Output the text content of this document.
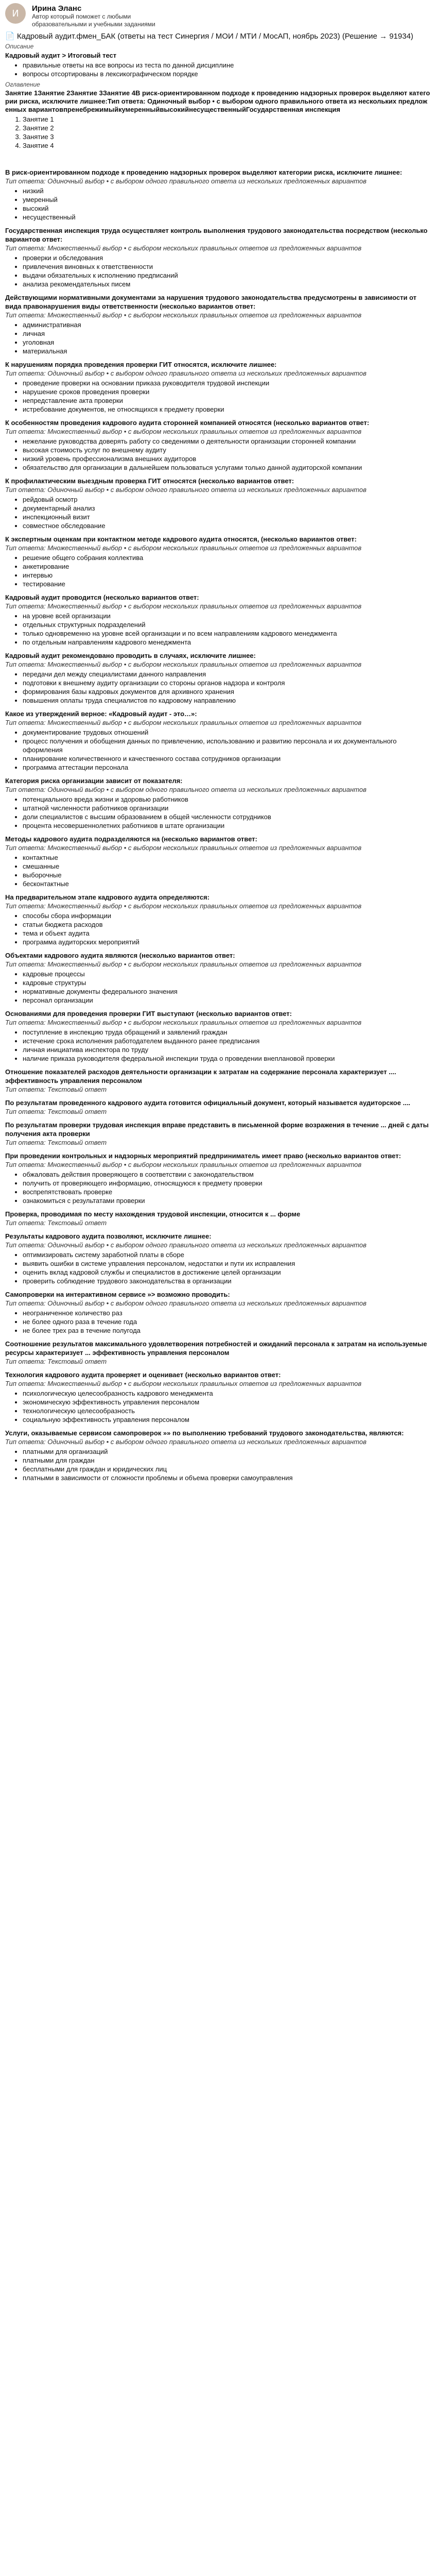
И	Ирина Эланс
Автор который поможет с любыми образовательными и учебными заданиями
📄 Кадровый аудит.фмен_БАК (ответы на тест Синергия / МОИ / МТИ / МосАП, ноябрь 2023) (Решение → 91934)
Описание
Кадровый аудит > Итоговый тест
• правильные ответы на все вопросы из теста по данной дисциплине
• вопросы отсортированы в лексикографическом порядке
Оглавление
Занятие 1Занятие 2Занятие 3Занятие 4В риск-ориентированном подходе к проведению надзорных проверок выделяют категории риска, исключите лишнее:Тип ответа: Одиночный выбор • с выбором одного правильного ответа из нескольких предложенных вариантовпренебрежимыйкумеренныйвысокийнесущественныйГосударственная инспекция
1. Занятие 1
2. Занятие 2
3. Занятие 3
4. Занятие 4
В риск-ориентированном подходе к проведению надзорных проверок выделяют категории риска, исключите лишнее:
Тип ответа: Одиночный выбор • с выбором одного правильного ответа из нескольких предложенных вариантов
• низкий
• умеренный
• высокий
• несущественный
Государственная инспекция труда осуществляет контроль выполнения трудового законодательства посредством (несколько вариантов ответ:
Тип ответа: Множественный выбор • с выбором нескольких правильных ответов из предложенных вариантов
• проверки и обследования
• привлечения виновных к ответственности
• выдачи обязательных к исполнению предписаний
• анализа рекомендательных писем
Действующими нормативными документами за нарушения трудового законодательства предусмотрены в зависимости от вида правонарушения виды ответственности (несколько вариантов ответ:
Тип ответа: Множественный выбор • с выбором нескольких правильных ответов из предложенных вариантов
• административная
• личная
• уголовная
• материальная
К нарушениям порядка проведения проверки ГИТ относятся, исключите лишнее:
Тип ответа: Одиночный выбор • с выбором одного правильного ответа из нескольких предложенных вариантов
• проведение проверки на основании приказа руководителя трудовой инспекции
• нарушение сроков проведения проверки
• непредставление акта проверки
• истребование документов, не относящихся к предмету проверки
К особенностям проведения кадрового аудита сторонней компанией относятся (несколько вариантов ответ:
Тип ответа: Множественный выбор • с выбором нескольких правильных ответов из предложенных вариантов
• нежелание руководства доверять работу со сведениями о деятельности организации сторонней компании
• высокая стоимость услуг по внешнему аудиту
• низкий уровень профессионализма внешних аудиторов
• обязательство для организации в дальнейшем пользоваться услугами только данной аудиторской компании
К профилактическим выездным проверка ГИТ относятся (несколько вариантов ответ:
Тип ответа: Одиночный выбор • с выбором одного правильного ответа из нескольких предложенных вариантов
• рейдовый осмотр
• документарный анализ
• инспекционный визит
• совместное обследование
К экспертным оценкам при контактном методе кадрового аудита относятся, (несколько вариантов ответ:
Тип ответа: Множественный выбор • с выбором нескольких правильных ответов из предложенных вариантов
• решение общего собрания коллектива
• анкетирование
• интервью
• тестирование
Кадровый аудит проводится (несколько вариантов ответ:
Тип ответа: Множественный выбор • с выбором нескольких правильных ответов из предложенных вариантов
• на уровне всей организации
• отдельных структурных подразделений
• только одновременно на уровне всей организации и по всем направлениям кадрового менеджмента
• по отдельным направлениям кадрового менеджмента
Кадровый аудит рекомендовано проводить в случаях, исключите лишнее:
Тип ответа: Множественный выбор • с выбором нескольких правильных ответов из предложенных вариантов
• передачи дел между специалистами данного направления
• подготовки к внешнему аудиту организации со стороны органов надзора и контроля
• формирования базы кадровых документов для архивного хранения
• повышения оплаты труда специалистов по кадровому направлению
Какое из утверждений верное: «Кадровый аудит - это…»:
Тип ответа: Множественный выбор • с выбором нескольких правильных ответов из предложенных вариантов
• документирование трудовых отношений
• процесс получения и обобщения данных по привлечению, использованию и развитию персонала и их документального оформления
• планирование количественного и качественного состава сотрудников организации
• программа аттестации персонала
Категория риска организации зависит от показателя:
Тип ответа: Одиночный выбор • с выбором одного правильного ответа из нескольких предложенных вариантов
• потенциального вреда жизни и здоровью работников
• штатной численности работников организации
• доли специалистов с высшим образованием в общей численности сотрудников
• процента несовершеннолетних работников в штате организации
Методы кадрового аудита подразделяются на (несколько вариантов ответ:
Тип ответа: Множественный выбор • с выбором нескольких правильных ответов из предложенных вариантов
• контактные
• смешанные
• выборочные
• бесконтактные
На предварительном этапе кадрового аудита определяются:
Тип ответа: Множественный выбор • с выбором нескольких правильных ответов из предложенных вариантов
• способы сбора информации
• статьи бюджета расходов
• тема и объект аудита
• программа аудиторских мероприятий
Объектами кадрового аудита являются (несколько вариантов ответ:
Тип ответа: Множественный выбор • с выбором нескольких правильных ответов из предложенных вариантов
• кадровые процессы
• кадровые структуры
• нормативные документы федерального значения
• персонал организации
Основаниями для проведения проверки ГИТ выступают (несколько вариантов ответ:
Тип ответа: Множественный выбор • с выбором нескольких правильных ответов из предложенных вариантов
• поступление в инспекцию труда обращений и заявлений граждан
• истечение срока исполнения работодателем выданного ранее предписания
• личная инициатива инспектора по труду
• наличие приказа руководителя федеральной инспекции труда о проведении внеплановой проверки
Отношение показателей расходов деятельности организации к затратам на содержание персонала характеризует .... эффективность управления персоналом
Тип ответа: Текстовый ответ
По результатам проведенного кадрового аудита готовится официальный документ, который называется аудиторское ....
Тип ответа: Текстовый ответ
По результатам проверки трудовая инспекция вправе представить в письменной форме возражения в течение ... дней с даты получения акта проверки
Тип ответа: Текстовый ответ
При проведении контрольных и надзорных мероприятий предприниматель имеет право (несколько вариантов ответ:
Тип ответа: Множественный выбор • с выбором нескольких правильных ответов из предложенных вариантов
• обжаловать действия проверяющего в соответствии с законодательством
• получить от проверяющего информацию, относящуюся к предмету проверки
• воспрепятствовать проверке
• ознакомиться с результатами проверки
Проверка, проводимая по месту нахождения трудовой инспекции, относится к ... форме
Тип ответа: Текстовый ответ
Результаты кадрового аудита позволяют, исключите лишнее:
Тип ответа: Одиночный выбор • с выбором одного правильного ответа из нескольких предложенных вариантов
• оптимизировать систему заработной платы в сборе
• выявить ошибки в системе управления персоналом, недостатки и пути их исправления
• оценить вклад кадровой службы и специалистов в достижение целей организации
• проверить соблюдение трудового законодательства в организации
Самопроверки на интерактивном сервисе »> возможно проводить:
Тип ответа: Одиночный выбор • с выбором одного правильного ответа из нескольких предложенных вариантов
• неограниченное количество раз
• не более одного раза в течение года
• не более трех раз в течение полугода
Соотношение результатов максимального удовлетворения потребностей и ожиданий персонала к затратам на используемые ресурсы характеризует ... эффективность управления персоналом
Тип ответа: Текстовый ответ
Технология кадрового аудита проверяет и оценивает (несколько вариантов ответ:
Тип ответа: Множественный выбор • с выбором нескольких правильных ответов из предложенных вариантов
• психологическую целесообразность кадрового менеджмента
• экономическую эффективность управления персоналом
• технологическую целесообразность
• социальную эффективность управления персоналом
Услуги, оказываемые сервисом самопроверок »» по выполнению требований трудового законодательства, являются:
Тип ответа: Одиночный выбор • с выбором одного правильного ответа из нескольких предложенных вариантов
• платными для организаций
• платными для граждан
• бесплатными для граждан и юридических лиц
• платными в зависимости от сложности проблемы и объема проверки самоуправления
